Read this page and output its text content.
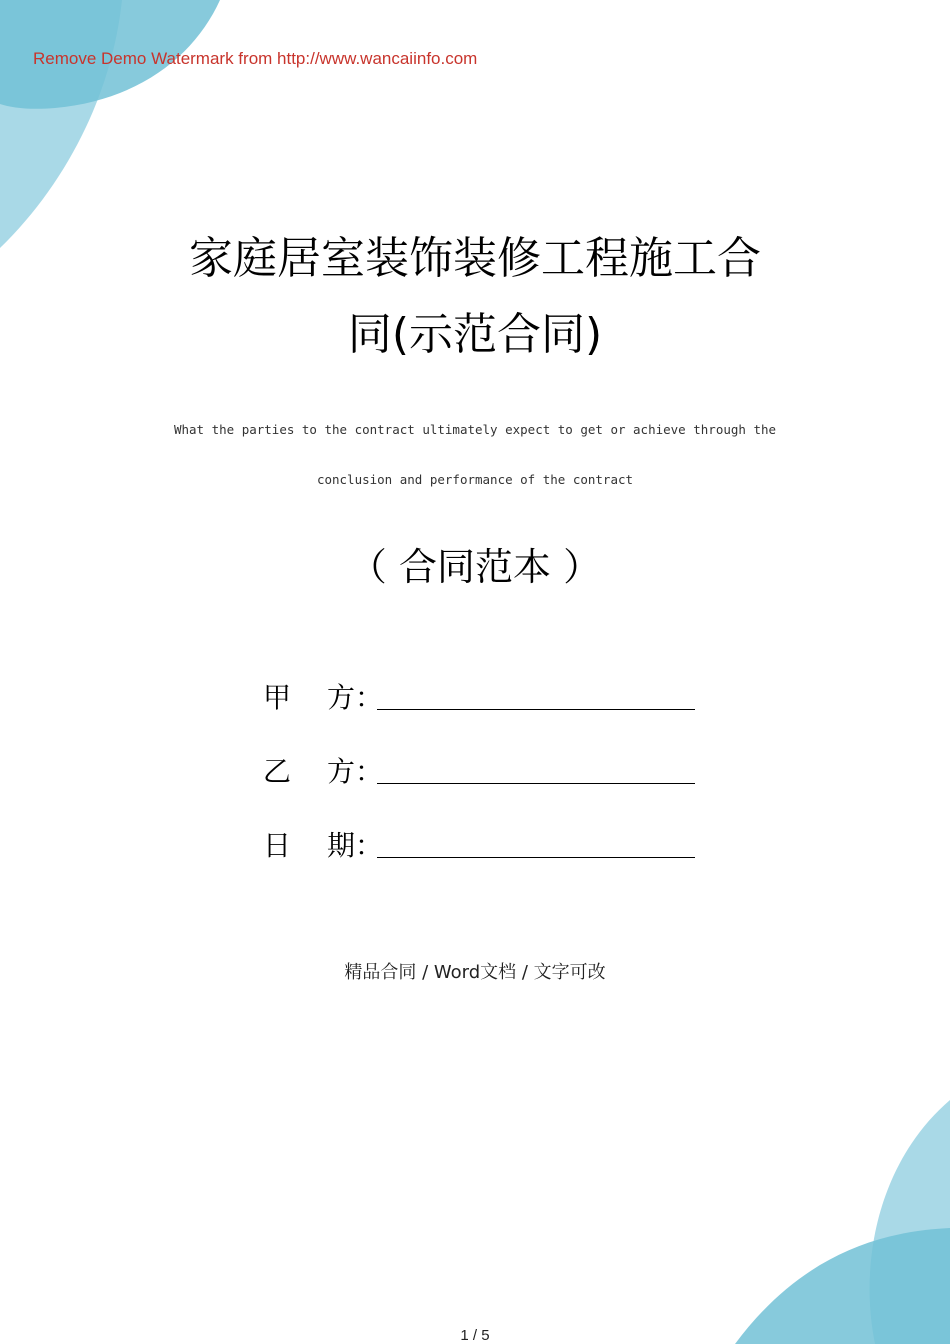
Remove Demo Watermark from http://www.wancaiinfo.com
家庭居室装饰装修工程施工合
同(示范合同)
What the parties to the contract ultimately expect to get or achieve through the
conclusion and performance of the contract
（ 合同范本 ）
甲 方 ：
乙 方 ：
日 期 ：
精品合同 / Word文档 / 文字可改
1 / 5
